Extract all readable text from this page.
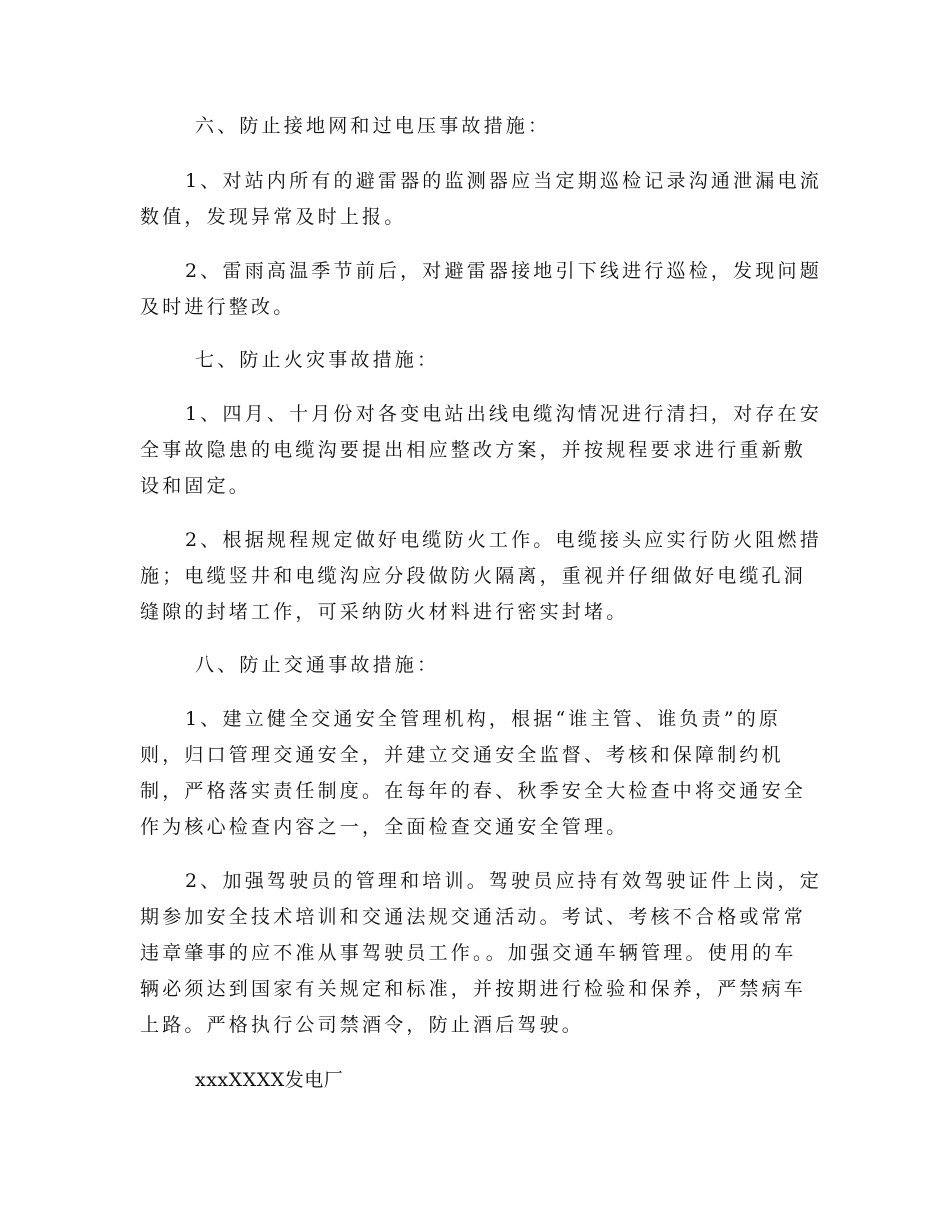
六、防止接地网和过电压事故措施：
1、对站内所有的避雷器的监测器应当定期巡检记录沟通泄漏电流
数值，发现异常及时上报。
2、雷雨高温季节前后，对避雷器接地引下线进行巡检，发现问题
及时进行整改。
七、防止火灾事故措施：
1、四月、十月份对各变电站出线电缆沟情况进行清扫，对存在安
全事故隐患的电缆沟要提出相应整改方案，并按规程要求进行重新敷
设和固定。
2、根据规程规定做好电缆防火工作。电缆接头应实行防火阻燃措
施；电缆竖井和电缆沟应分段做防火隔离，重视并仔细做好电缆孔洞
缝隙的封堵工作，可采纳防火材料进行密实封堵。
八、防止交通事故措施：
1、建立健全交通安全管理机构，根据“谁主管、谁负责”的原
则，归口管理交通安全，并建立交通安全监督、考核和保障制约机
制，严格落实责任制度。在每年的春、秋季安全大检查中将交通安全
作为核心检查内容之一，全面检查交通安全管理。
2、加强驾驶员的管理和培训。驾驶员应持有效驾驶证件上岗，定
期参加安全技术培训和交通法规交通活动。考试、考核不合格或常常
违章肇事的应不准从事驾驶员工作。。加强交通车辆管理。使用的车
辆必须达到国家有关规定和标准，并按期进行检验和保养，严禁病车
上路。严格执行公司禁酒令，防止酒后驾驶。
xxxXXXX发电厂
